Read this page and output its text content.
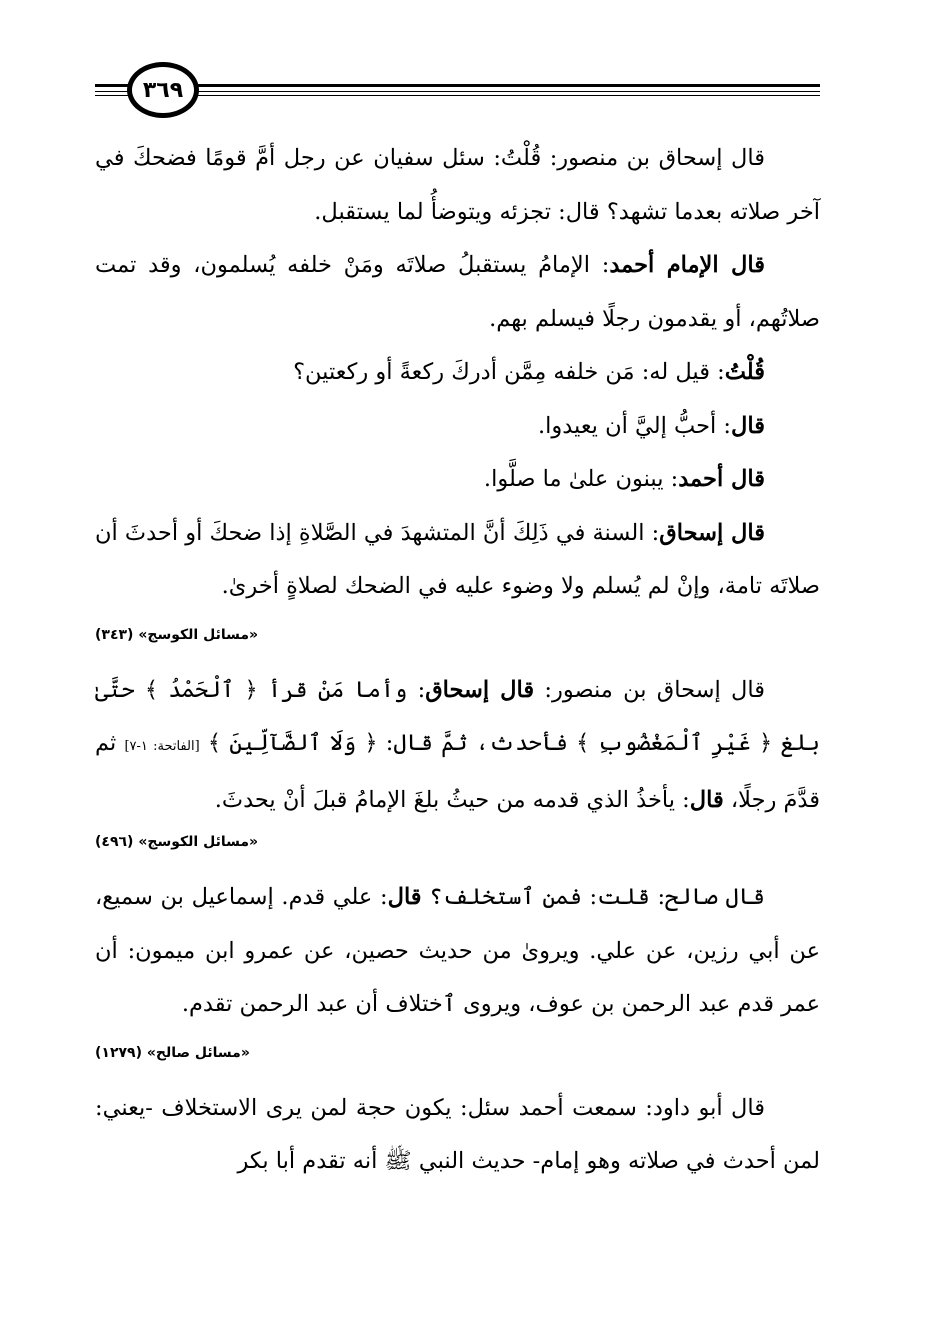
٣٦٩

قال إسحاق بن منصور: قُلْتُ: سئل سفيان عن رجل أمَّ قومًا فضحكَ في آخر صلاته بعدما تشهد؟ قال: تجزئه ويتوضأُ لما يستقبل.

قال الإمام أحمد: الإمامُ يستقبلُ صلاتَه ومَنْ خلفه يُسلمون، وقد تمت صلاتُهم، أو يقدمون رجلًا فيسلم بهم.

قُلْتُ: قيل له: مَن خلفه مِمَّن أدركَ ركعةً أو ركعتين؟

قال: أحبُّ إليَّ أن يعيدوا.

قال أحمد: يبنون علىٰ ما صلَّوا.

قال إسحاق: السنة في ذَلِكَ أنَّ المتشهدَ في الصَّلاةِ إذا ضحكَ أو أحدثَ أن صلاتَه تامة، وإنْ لم يُسلم ولا وضوء عليه في الضحك لصلاةٍ أخرىٰ.

«مسائل الكوسج» (٣٤٣)

قال إسحاق بن منصور: قال إسحاق: وأما مَنْ قرأ ﴿ ٱلْحَمْدُ ﴾ حتَّىٰ بلغ ﴿ غَيْرِ ٱلْمَغْضُوبِ ﴾ فأحدث، ثمَّ قال: ﴿ وَلَا ٱلضَّآلِّينَ ﴾ [الفاتحة: ١-٧] ثم قدَّمَ رجلًا، قال: يأخذُ الذي قدمه من حيثُ بلغَ الإمامُ قبلَ أنْ يحدثَ.

«مسائل الكوسج» (٤٩٦)

قال صالح: قلت: فمن ٱستخلف؟ قال: علي قدم. إسماعيل بن سميع، عن أبي رزين، عن علي. ويروىٰ من حديث حصين، عن عمرو ابن ميمون: أن عمر قدم عبد الرحمن بن عوف، ويروى ٱختلاف أن عبد الرحمن تقدم.

«مسائل صالح» (١٢٧٩)

قال أبو داود: سمعت أحمد سئل: يكون حجة لمن يرى الاستخلاف -يعني: لمن أحدث في صلاته وهو إمام- حديث النبي ﷺ أنه تقدم أبا بكر
